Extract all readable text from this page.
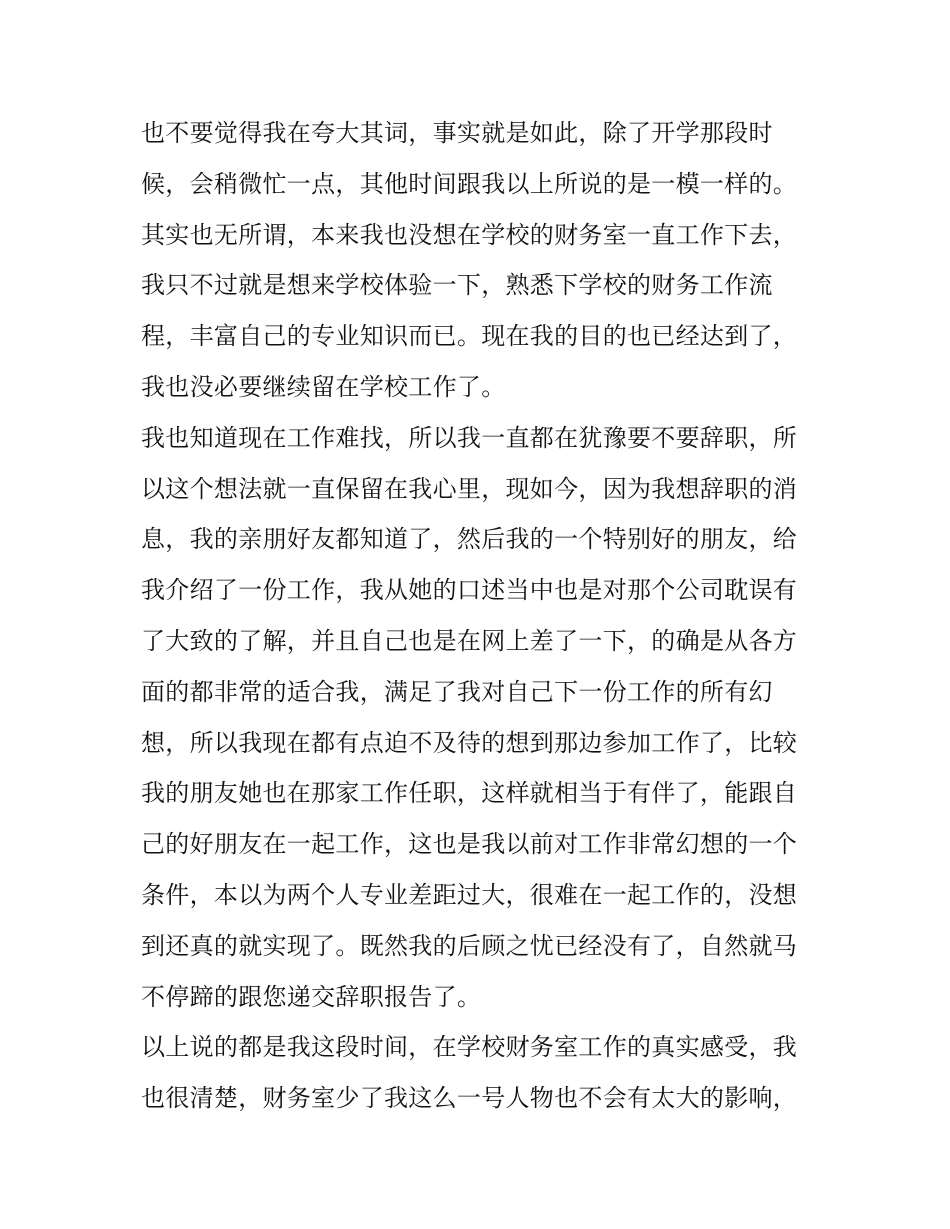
也不要觉得我在夸大其词，事实就是如此，除了开学那段时
候，会稍微忙一点，其他时间跟我以上所说的是一模一样的。
其实也无所谓，本来我也没想在学校的财务室一直工作下去，
我只不过就是想来学校体验一下，熟悉下学校的财务工作流
程，丰富自己的专业知识而已。现在我的目的也已经达到了，
我也没必要继续留在学校工作了。
我也知道现在工作难找，所以我一直都在犹豫要不要辞职，所
以这个想法就一直保留在我心里，现如今，因为我想辞职的消
息，我的亲朋好友都知道了，然后我的一个特别好的朋友，给
我介绍了一份工作，我从她的口述当中也是对那个公司耽误有
了大致的了解，并且自己也是在网上差了一下，的确是从各方
面的都非常的适合我，满足了我对自己下一份工作的所有幻
想，所以我现在都有点迫不及待的想到那边参加工作了，比较
我的朋友她也在那家工作任职，这样就相当于有伴了，能跟自
己的好朋友在一起工作，这也是我以前对工作非常幻想的一个
条件，本以为两个人专业差距过大，很难在一起工作的，没想
到还真的就实现了。既然我的后顾之忧已经没有了，自然就马
不停蹄的跟您递交辞职报告了。
以上说的都是我这段时间，在学校财务室工作的真实感受，我
也很清楚，财务室少了我这么一号人物也不会有太大的影响，
